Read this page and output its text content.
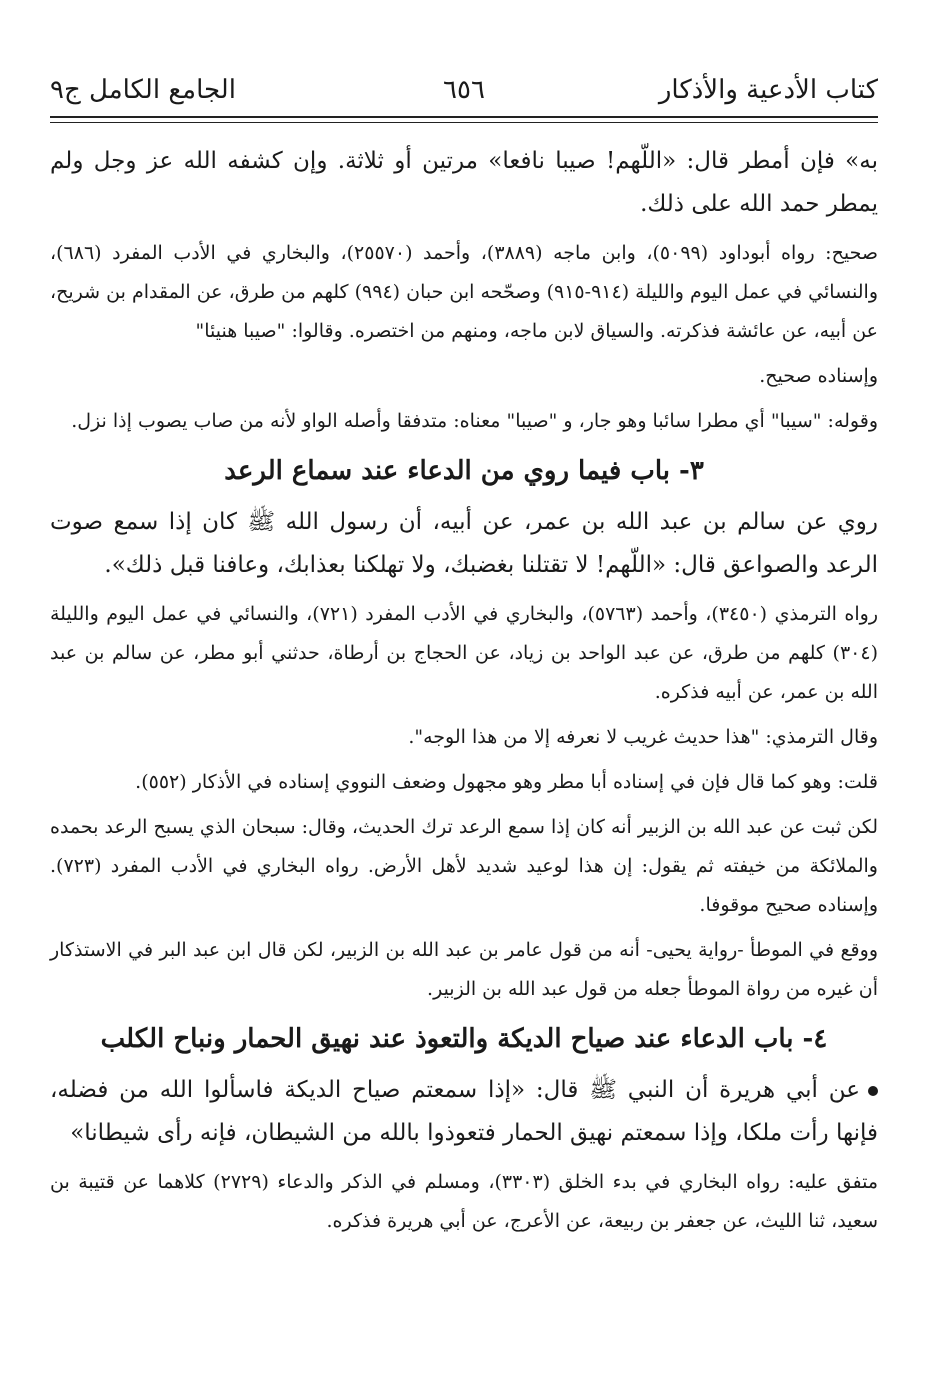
كتاب الأدعية والأذكار
٦٥٦
الجامع الكامل ج٩

به» فإن أمطر قال: «اللّهم! صيبا نافعا» مرتين أو ثلاثة. وإن كشفه الله عز وجل ولم يمطر حمد الله على ذلك.

صحيح: رواه أبوداود (٥٠٩٩)، وابن ماجه (٣٨٨٩)، وأحمد (٢٥٥٧٠)، والبخاري في الأدب المفرد (٦٨٦)، والنسائي في عمل اليوم والليلة (٩١٤-٩١٥) وصحّحه ابن حبان (٩٩٤) كلهم من طرق، عن المقدام بن شريح، عن أبيه، عن عائشة فذكرته. والسياق لابن ماجه، ومنهم من اختصره. وقالوا: "صيبا هنيئا"

وإسناده صحيح.

وقوله: "سيبا" أي مطرا سائبا وهو جار، و "صيبا" معناه: متدفقا وأصله الواو لأنه من صاب يصوب إذا نزل.

٣- باب فيما روي من الدعاء عند سماع الرعد

روي عن سالم بن عبد الله بن عمر، عن أبيه، أن رسول الله ﷺ كان إذا سمع صوت الرعد والصواعق قال: «اللّهم! لا تقتلنا بغضبك، ولا تهلكنا بعذابك، وعافنا قبل ذلك».

رواه الترمذي (٣٤٥٠)، وأحمد (٥٧٦٣)، والبخاري في الأدب المفرد (٧٢١)، والنسائي في عمل اليوم والليلة (٣٠٤) كلهم من طرق، عن عبد الواحد بن زياد، عن الحجاج بن أرطاة، حدثني أبو مطر، عن سالم بن عبد الله بن عمر، عن أبيه فذكره.

وقال الترمذي: "هذا حديث غريب لا نعرفه إلا من هذا الوجه".

قلت: وهو كما قال فإن في إسناده أبا مطر وهو مجهول وضعف النووي إسناده في الأذكار (٥٥٢).

لكن ثبت عن عبد الله بن الزبير أنه كان إذا سمع الرعد ترك الحديث، وقال: سبحان الذي يسبح الرعد بحمده والملائكة من خيفته ثم يقول: إن هذا لوعيد شديد لأهل الأرض. رواه البخاري في الأدب المفرد (٧٢٣). وإسناده صحيح موقوفا.

ووقع في الموطأ -رواية يحيى- أنه من قول عامر بن عبد الله بن الزبير، لكن قال ابن عبد البر في الاستذكار أن غيره من رواة الموطأ جعله من قول عبد الله بن الزبير.

٤- باب الدعاء عند صياح الديكة والتعوذ عند نهيق الحمار ونباح الكلب

عن أبي هريرة أن النبي ﷺ قال: «إذا سمعتم صياح الديكة فاسألوا الله من فضله، فإنها رأت ملكا، وإذا سمعتم نهيق الحمار فتعوذوا بالله من الشيطان، فإنه رأى شيطانا»

متفق عليه: رواه البخاري في بدء الخلق (٣٣٠٣)، ومسلم في الذكر والدعاء (٢٧٢٩) كلاهما عن قتيبة بن سعيد، ثنا الليث، عن جعفر بن ربيعة، عن الأعرج، عن أبي هريرة فذكره.
